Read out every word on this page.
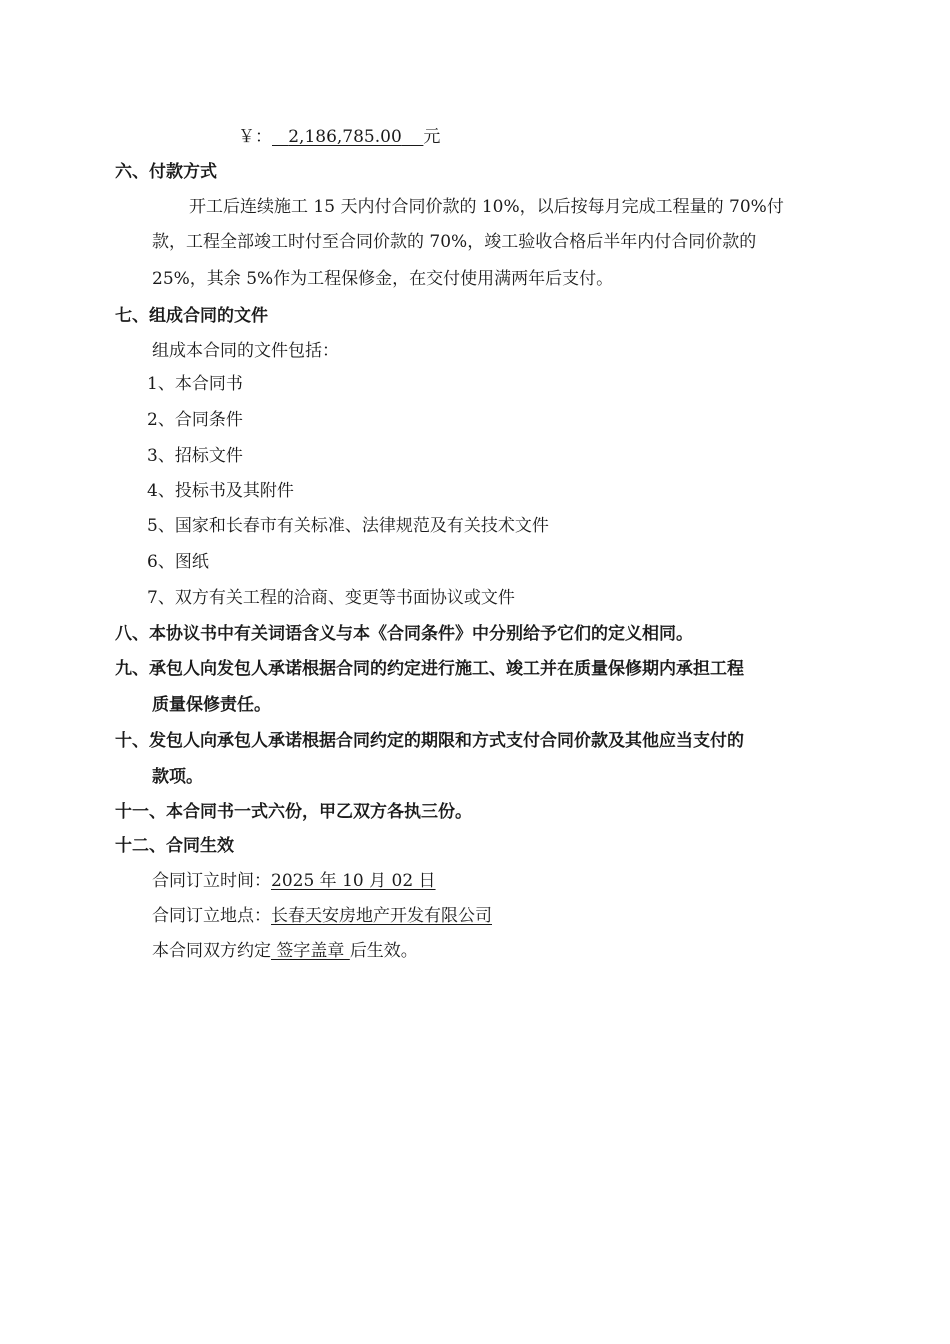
￥： 2,186,785.00 元
六、付款方式
开工后连续施工 15 天内付合同价款的 10%，以后按每月完成工程量的 70%付
款，工程全部竣工时付至合同价款的 70%，竣工验收合格后半年内付合同价款的
25%，其余 5%作为工程保修金，在交付使用满两年后支付。
七、组成合同的文件
组成本合同的文件包括：
1、本合同书
2、合同条件
3、招标文件
4、投标书及其附件
5、国家和长春市有关标准、法律规范及有关技术文件
6、图纸
7、双方有关工程的洽商、变更等书面协议或文件
八、本协议书中有关词语含义与本《合同条件》中分别给予它们的定义相同。
九、承包人向发包人承诺根据合同的约定进行施工、竣工并在质量保修期内承担工程
质量保修责任。
十、发包人向承包人承诺根据合同约定的期限和方式支付合同价款及其他应当支付的
款项。
十一、本合同书一式六份，甲乙双方各执三份。
十二、合同生效
合同订立时间：2025 年 10 月 02 日
合同订立地点：长春天安房地产开发有限公司
本合同双方约定 签字盖章 后生效。
